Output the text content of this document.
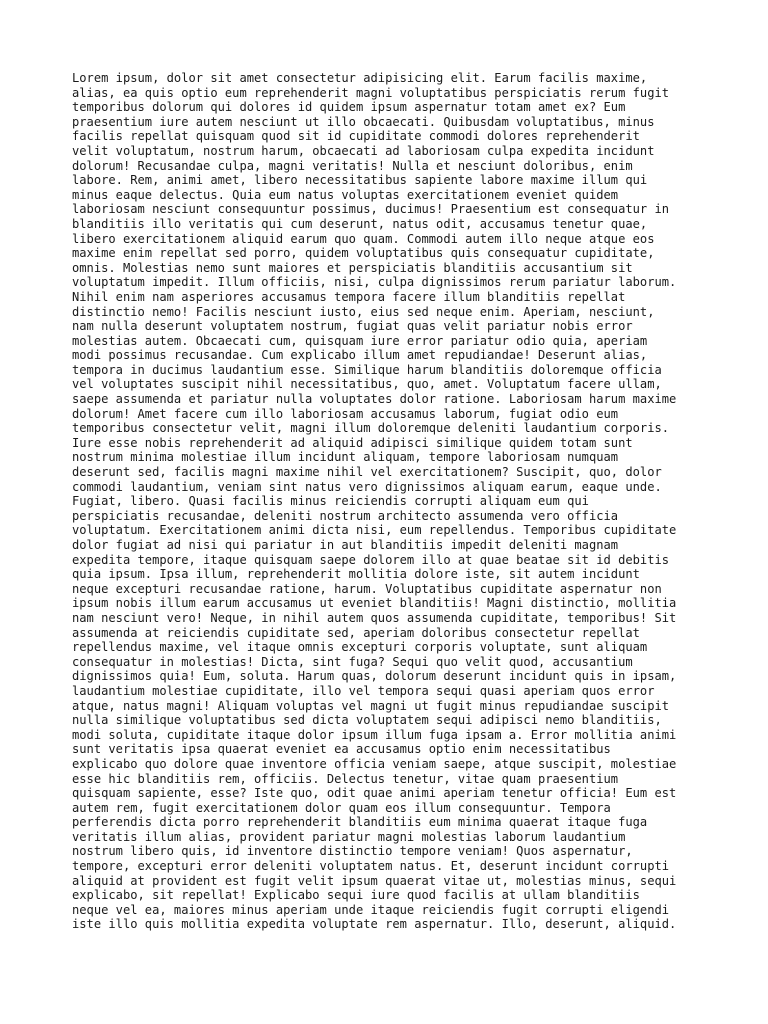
Lorem ipsum, dolor sit amet consectetur adipisicing elit. Earum facilis maxime,
alias, ea quis optio eum reprehenderit magni voluptatibus perspiciatis rerum fugit
temporibus dolorum qui dolores id quidem ipsum aspernatur totam amet ex? Eum
praesentium iure autem nesciunt ut illo obcaecati. Quibusdam voluptatibus, minus
facilis repellat quisquam quod sit id cupiditate commodi dolores reprehenderit
velit voluptatum, nostrum harum, obcaecati ad laboriosam culpa expedita incidunt
dolorum! Recusandae culpa, magni veritatis! Nulla et nesciunt doloribus, enim
labore. Rem, animi amet, libero necessitatibus sapiente labore maxime illum qui
minus eaque delectus. Quia eum natus voluptas exercitationem eveniet quidem
laboriosam nesciunt consequuntur possimus, ducimus! Praesentium est consequatur in
blanditiis illo veritatis qui cum deserunt, natus odit, accusamus tenetur quae,
libero exercitationem aliquid earum quo quam. Commodi autem illo neque atque eos
maxime enim repellat sed porro, quidem voluptatibus quis consequatur cupiditate,
omnis. Molestias nemo sunt maiores et perspiciatis blanditiis accusantium sit
voluptatum impedit. Illum officiis, nisi, culpa dignissimos rerum pariatur laborum.
Nihil enim nam asperiores accusamus tempora facere illum blanditiis repellat
distinctio nemo! Facilis nesciunt iusto, eius sed neque enim. Aperiam, nesciunt,
nam nulla deserunt voluptatem nostrum, fugiat quas velit pariatur nobis error
molestias autem. Obcaecati cum, quisquam iure error pariatur odio quia, aperiam
modi possimus recusandae. Cum explicabo illum amet repudiandae! Deserunt alias,
tempora in ducimus laudantium esse. Similique harum blanditiis doloremque officia
vel voluptates suscipit nihil necessitatibus, quo, amet. Voluptatum facere ullam,
saepe assumenda et pariatur nulla voluptates dolor ratione. Laboriosam harum maxime
dolorum! Amet facere cum illo laboriosam accusamus laborum, fugiat odio eum
temporibus consectetur velit, magni illum doloremque deleniti laudantium corporis.
Iure esse nobis reprehenderit ad aliquid adipisci similique quidem totam sunt
nostrum minima molestiae illum incidunt aliquam, tempore laboriosam numquam
deserunt sed, facilis magni maxime nihil vel exercitationem? Suscipit, quo, dolor
commodi laudantium, veniam sint natus vero dignissimos aliquam earum, eaque unde.
Fugiat, libero. Quasi facilis minus reiciendis corrupti aliquam eum qui
perspiciatis recusandae, deleniti nostrum architecto assumenda vero officia
voluptatum. Exercitationem animi dicta nisi, eum repellendus. Temporibus cupiditate
dolor fugiat ad nisi qui pariatur in aut blanditiis impedit deleniti magnam
expedita tempore, itaque quisquam saepe dolorem illo at quae beatae sit id debitis
quia ipsum. Ipsa illum, reprehenderit mollitia dolore iste, sit autem incidunt
neque excepturi recusandae ratione, harum. Voluptatibus cupiditate aspernatur non
ipsum nobis illum earum accusamus ut eveniet blanditiis! Magni distinctio, mollitia
nam nesciunt vero! Neque, in nihil autem quos assumenda cupiditate, temporibus! Sit
assumenda at reiciendis cupiditate sed, aperiam doloribus consectetur repellat
repellendus maxime, vel itaque omnis excepturi corporis voluptate, sunt aliquam
consequatur in molestias! Dicta, sint fuga? Sequi quo velit quod, accusantium
dignissimos quia! Eum, soluta. Harum quas, dolorum deserunt incidunt quis in ipsam,
laudantium molestiae cupiditate, illo vel tempora sequi quasi aperiam quos error
atque, natus magni! Aliquam voluptas vel magni ut fugit minus repudiandae suscipit
nulla similique voluptatibus sed dicta voluptatem sequi adipisci nemo blanditiis,
modi soluta, cupiditate itaque dolor ipsum illum fuga ipsam a. Error mollitia animi
sunt veritatis ipsa quaerat eveniet ea accusamus optio enim necessitatibus
explicabo quo dolore quae inventore officia veniam saepe, atque suscipit, molestiae
esse hic blanditiis rem, officiis. Delectus tenetur, vitae quam praesentium
quisquam sapiente, esse? Iste quo, odit quae animi aperiam tenetur officia! Eum est
autem rem, fugit exercitationem dolor quam eos illum consequuntur. Tempora
perferendis dicta porro reprehenderit blanditiis eum minima quaerat itaque fuga
veritatis illum alias, provident pariatur magni molestias laborum laudantium
nostrum libero quis, id inventore distinctio tempore veniam! Quos aspernatur,
tempore, excepturi error deleniti voluptatem natus. Et, deserunt incidunt corrupti
aliquid at provident est fugit velit ipsum quaerat vitae ut, molestias minus, sequi
explicabo, sit repellat! Explicabo sequi iure quod facilis at ullam blanditiis
neque vel ea, maiores minus aperiam unde itaque reiciendis fugit corrupti eligendi
iste illo quis mollitia expedita voluptate rem aspernatur. Illo, deserunt, aliquid.
